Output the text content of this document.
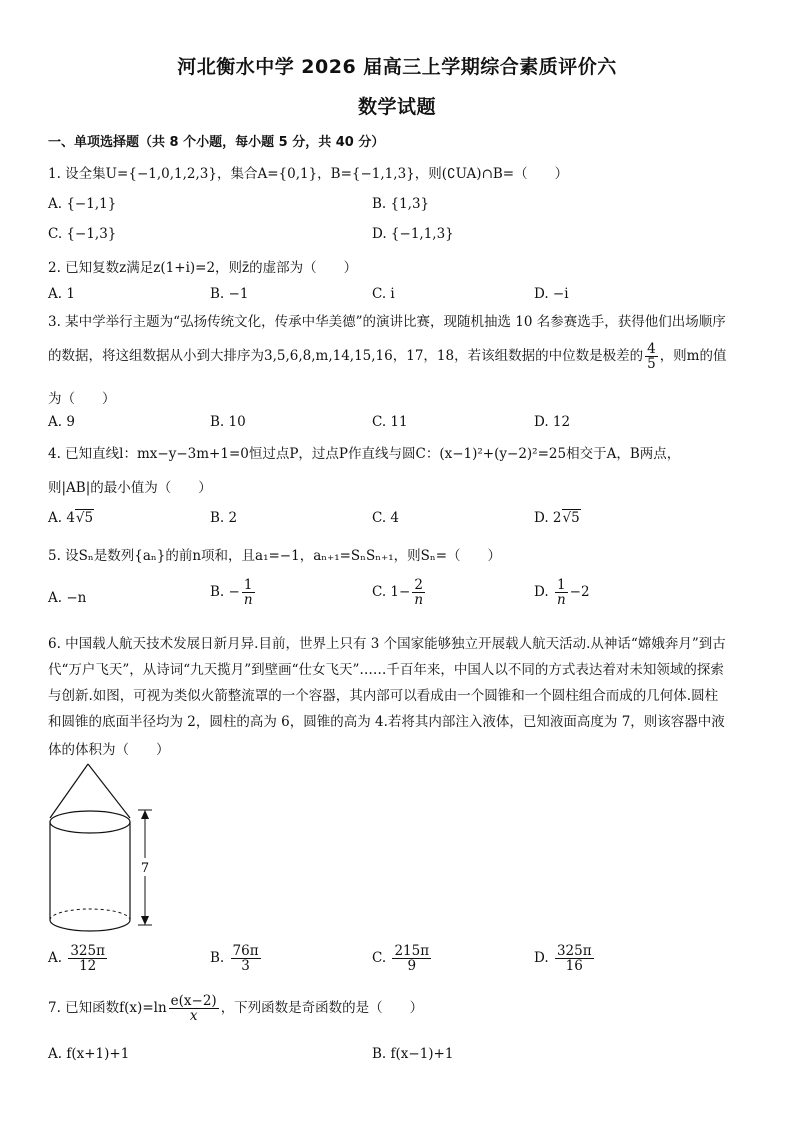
河北衡水中学 2026 届高三上学期综合素质评价六
数学试题
一、单项选择题（共 8 个小题，每小题 5 分，共 40 分）
1. 设全集U={−1,0,1,2,3}，集合A={0,1}，B={−1,1,3}，则(∁UA)∩B=（　　）
A. {−1,1}	B. {1,3}
C. {−1,3}	D. {−1,1,3}
2. 已知复数z满足z(1+i)=2，则z̄的虚部为（　　）
A. 1	B. −1	C. i	D. −i
3. 某中学举行主题为“弘扬传统文化，传承中华美德”的演讲比赛，现随机抽选 10 名参赛选手，获得他们出场顺序
的数据，将这组数据从小到大排序为3,5,6,8,m,14,15,16，17，18，若该组数据的中位数是极差的 $\frac{4}{5}$ ，则m的值
为（　　）
A. 9	B. 10	C. 11	D. 12
4. 已知直线l：mx−y−3m+1=0恒过点P，过点P作直线与圆C：(x−1)²+(y−2)²=25相交于A，B两点，
则|AB|的最小值为（　　）
A. 4√5	B. 2	C. 4	D. 2√5
5. 设Sₙ是数列{aₙ}的前n项和，且a₁=−1，aₙ₊₁=SₙSₙ₊₁，则Sₙ=（　　）
A. −n	B. − $\frac{1}{n}$	C. $1- \frac{2}{n}$	D. $\frac{1}{n} -2$
6. 中国载人航天技术发展日新月异.目前，世界上只有 3 个国家能够独立开展载人航天活动.从神话“嫦娥奔月”到古
代“万户飞天”，从诗词“九天揽月”到壁画“仕女飞天”……千百年来，中国人以不同的方式表达着对未知领域的探索
与创新.如图，可视为类似火箭整流罩的一个容器，其内部可以看成由一个圆锥和一个圆柱组合而成的几何体.圆柱
和圆锥的底面半径均为 2，圆柱的高为 6，圆锥的高为 4.若将其内部注入液体，已知液面高度为 7，则该容器中液
体的体积为（　　）
7
A. $\frac{325\pi}{12}$	B. $\frac{76\pi}{3}$	C. $\frac{215\pi}{9}$	D. $\frac{325\pi}{16}$
7. 已知函数$f(x)=\ln \frac{e(x-2)}{x}$ ，下列函数是奇函数的是（　　）
A. f(x+1)+1	B. f(x−1)+1
